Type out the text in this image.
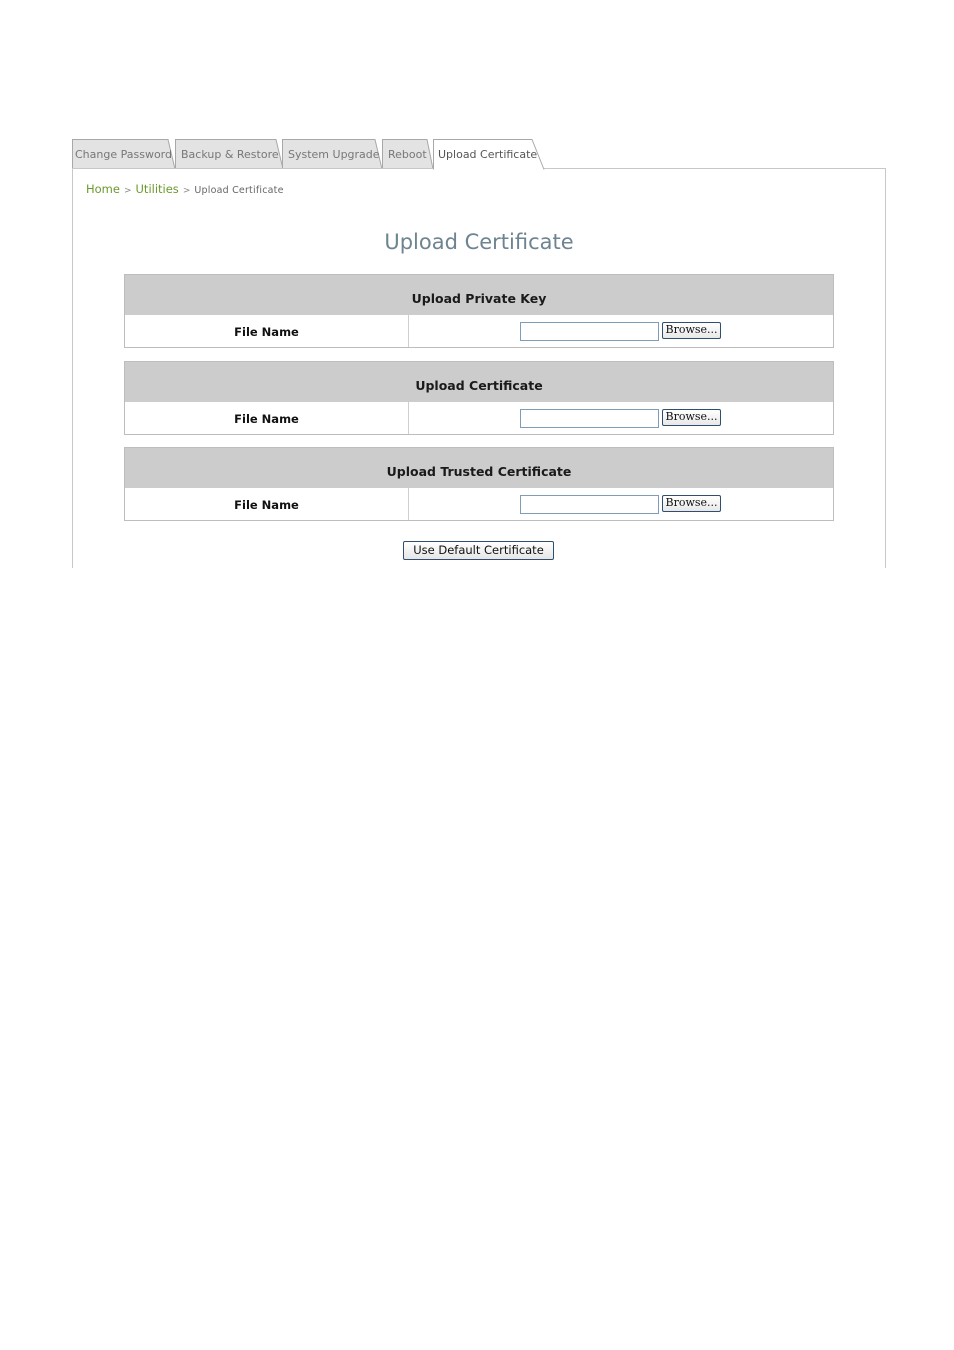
Change Password Backup & Restore System Upgrade Reboot	Upload Certificate
Home > Utilities > Upload Certificate
Upload Certificate
Upload Private Key
File Name	Browse...
Upload Certificate
File Name	Browse...
Upload Trusted Certificate
File Name	Browse...
Use Default Certificate
